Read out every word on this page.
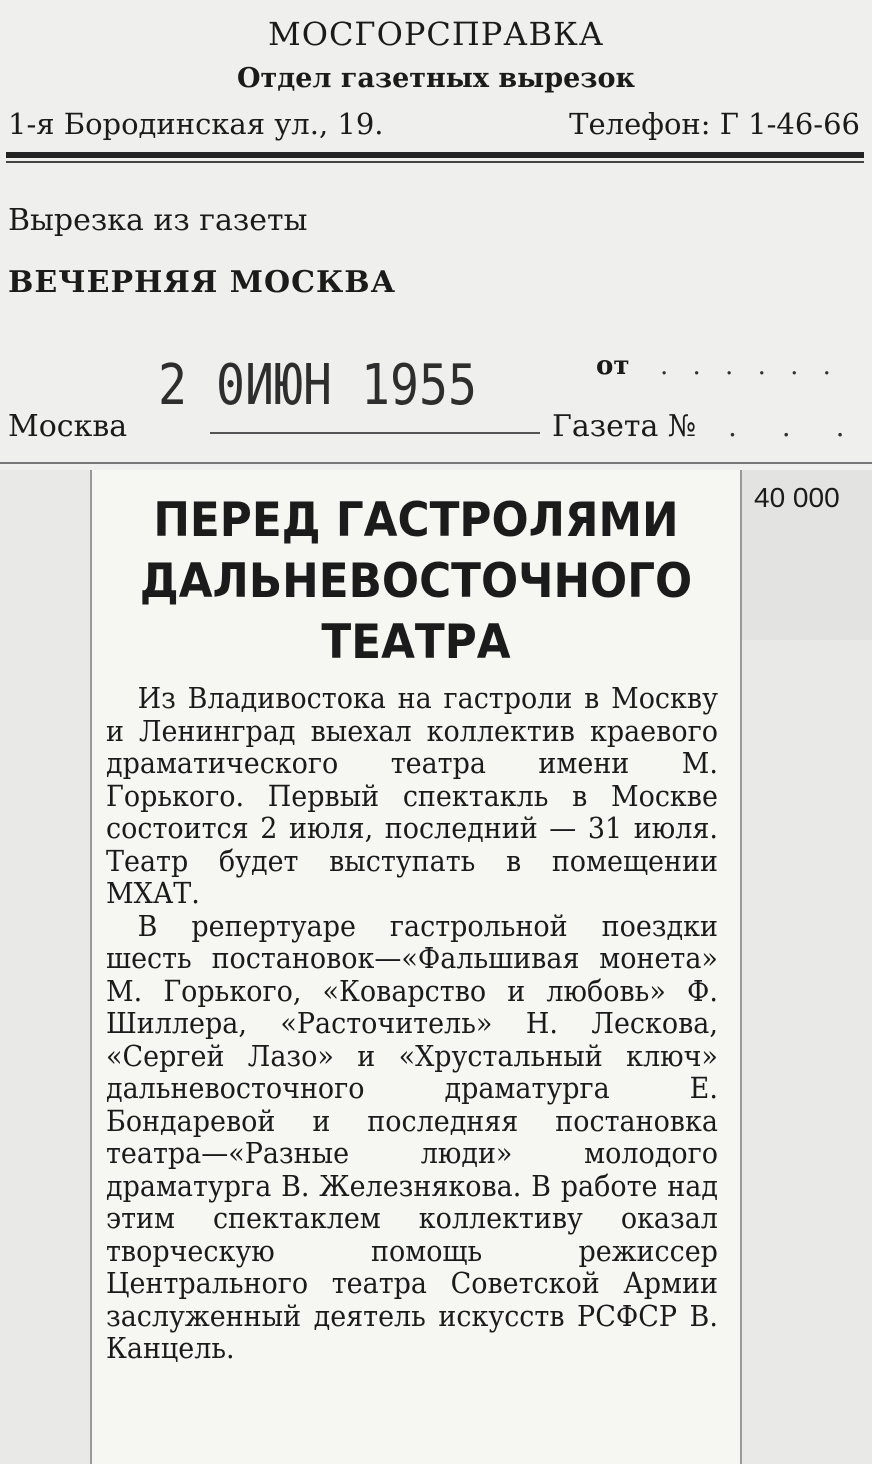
МОСГОРСПРАВКА
Отдел газетных вырезок
1-я Бородинская ул., 19.	Телефон: Г 1-46-66
Вырезка из газеты
ВЕЧЕРНЯЯ МОСКВА
2 0ИЮН 1955
Москва
от . . . . . .
Газета № . . .
40 000
ПЕРЕД ГАСТРОЛЯМИ ДАЛЬНЕВОСТОЧНОГО ТЕАТРА

Из Владивостока на гастроли в Москву и Ленинград выехал коллектив краевого драматического театра имени М. Горького. Первый спектакль в Москве состоится 2 июля, последний — 31 июля. Театр будет выступать в помещении МХАТ.

В репертуаре гастрольной поездки шесть постановок—«Фальшивая монета» М. Горького, «Коварство и любовь» Ф. Шиллера, «Расточитель» Н. Лескова, «Сергей Лазо» и «Хрустальный ключ» дальневосточного драматурга Е. Бондаревой и последняя постановка театра—«Разные люди» молодого драматурга В. Железнякова. В работе над этим спектаклем коллективу оказал творческую помощь режиссер Центрального театра Советской Армии заслуженный деятель искусств РСФСР В. Канцель.
